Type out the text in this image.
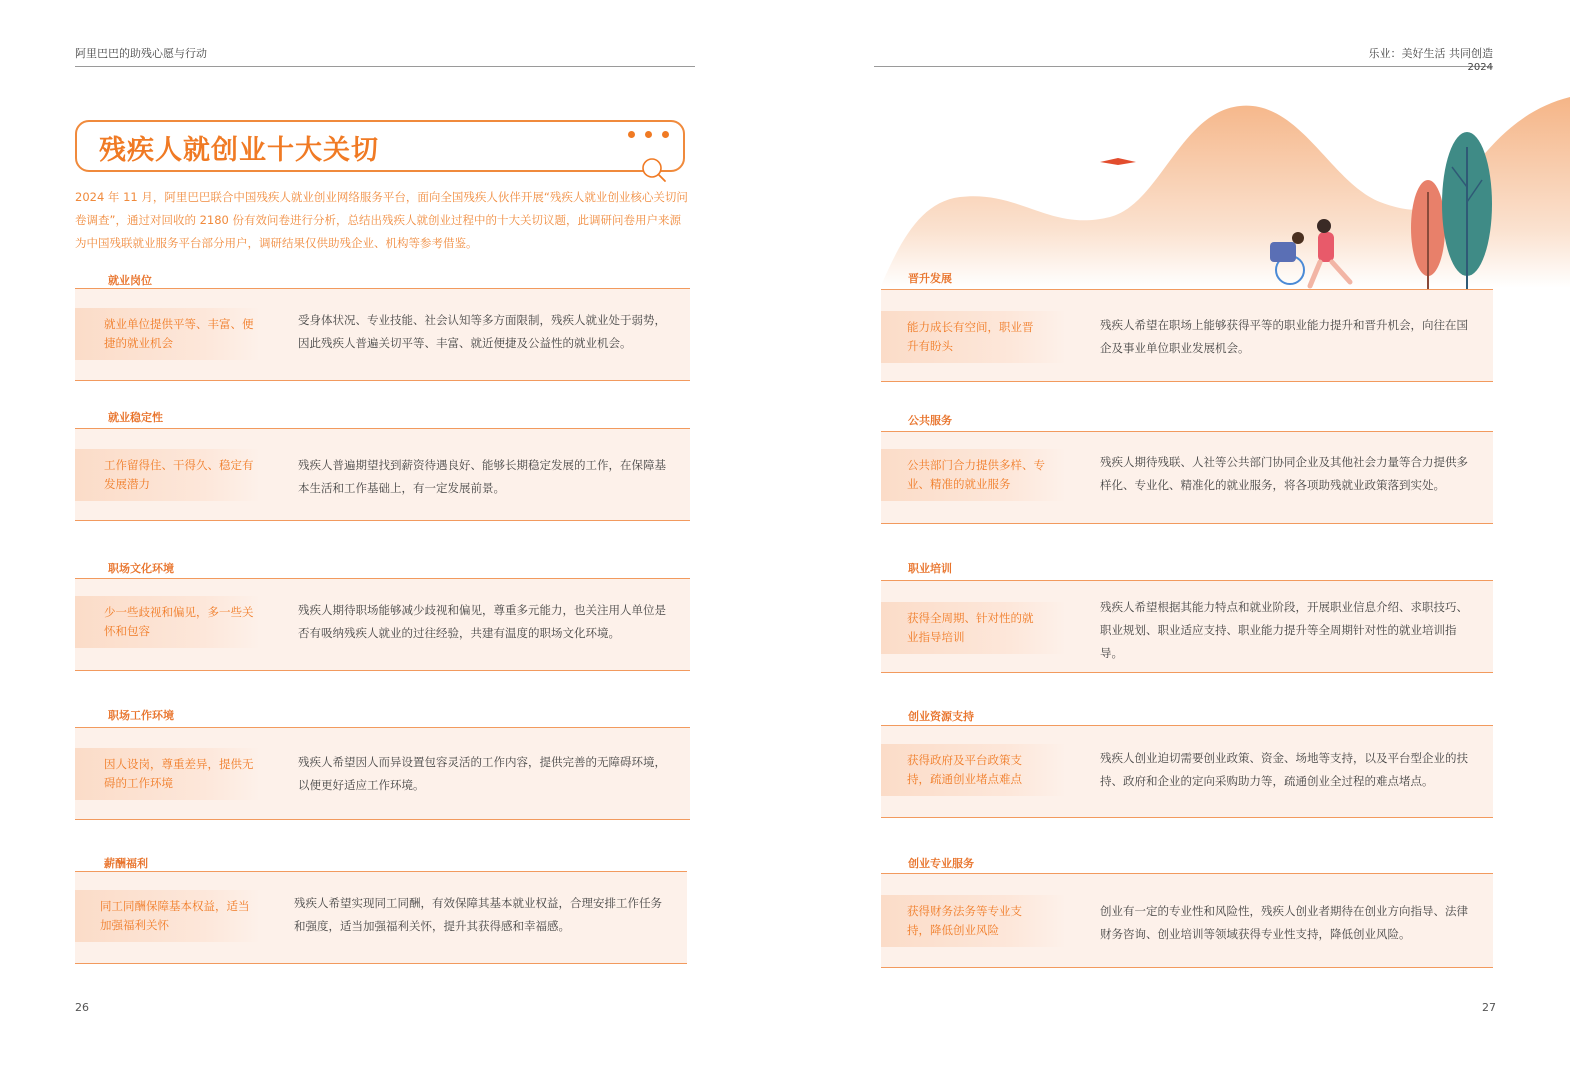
阿里巴巴的助残心愿与行动	乐业：美好生活 共同创造
2024
残疾人就创业十大关切
2024 年 11 月，阿里巴巴联合中国残疾人就业创业网络服务平台，面向全国残疾人伙伴开展“残疾人就业创业核心关切问卷调查”，通过对回收的 2180 份有效问卷进行分析，总结出残疾人就创业过程中的十大关切议题，此调研问卷用户来源为中国残联就业服务平台部分用户，调研结果仅供助残企业、机构等参考借鉴。
就业岗位
就业单位提供平等、丰富、便捷的就业机会
受身体状况、专业技能、社会认知等多方面限制，残疾人就业处于弱势，因此残疾人普遍关切平等、丰富、就近便捷及公益性的就业机会。
就业稳定性
工作留得住、干得久、稳定有发展潜力
残疾人普遍期望找到薪资待遇良好、能够长期稳定发展的工作，在保障基本生活和工作基础上，有一定发展前景。
职场文化环境
少一些歧视和偏见，多一些关怀和包容
残疾人期待职场能够减少歧视和偏见，尊重多元能力，也关注用人单位是否有吸纳残疾人就业的过往经验，共建有温度的职场文化环境。
职场工作环境
因人设岗，尊重差异，提供无碍的工作环境
残疾人希望因人而异设置包容灵活的工作内容，提供完善的无障碍环境，以便更好适应工作环境。
薪酬福利
同工同酬保障基本权益，适当加强福利关怀
残疾人希望实现同工同酬，有效保障其基本就业权益，合理安排工作任务和强度，适当加强福利关怀，提升其获得感和幸福感。
晋升发展
能力成长有空间，职业晋升有盼头
残疾人希望在职场上能够获得平等的职业能力提升和晋升机会，向往在国企及事业单位职业发展机会。
公共服务
公共部门合力提供多样、专业、精准的就业服务
残疾人期待残联、人社等公共部门协同企业及其他社会力量等合力提供多样化、专业化、精准化的就业服务，将各项助残就业政策落到实处。
职业培训
获得全周期、针对性的就业指导培训
残疾人希望根据其能力特点和就业阶段，开展职业信息介绍、求职技巧、职业规划、职业适应支持、职业能力提升等全周期针对性的就业培训指导。
创业资源支持
获得政府及平台政策支持，疏通创业堵点难点
残疾人创业迫切需要创业政策、资金、场地等支持，以及平台型企业的扶持、政府和企业的定向采购助力等，疏通创业全过程的难点堵点。
创业专业服务
获得财务法务等专业支持，降低创业风险
创业有一定的专业性和风险性，残疾人创业者期待在创业方向指导、法律财务咨询、创业培训等领域获得专业性支持，降低创业风险。
26	27
